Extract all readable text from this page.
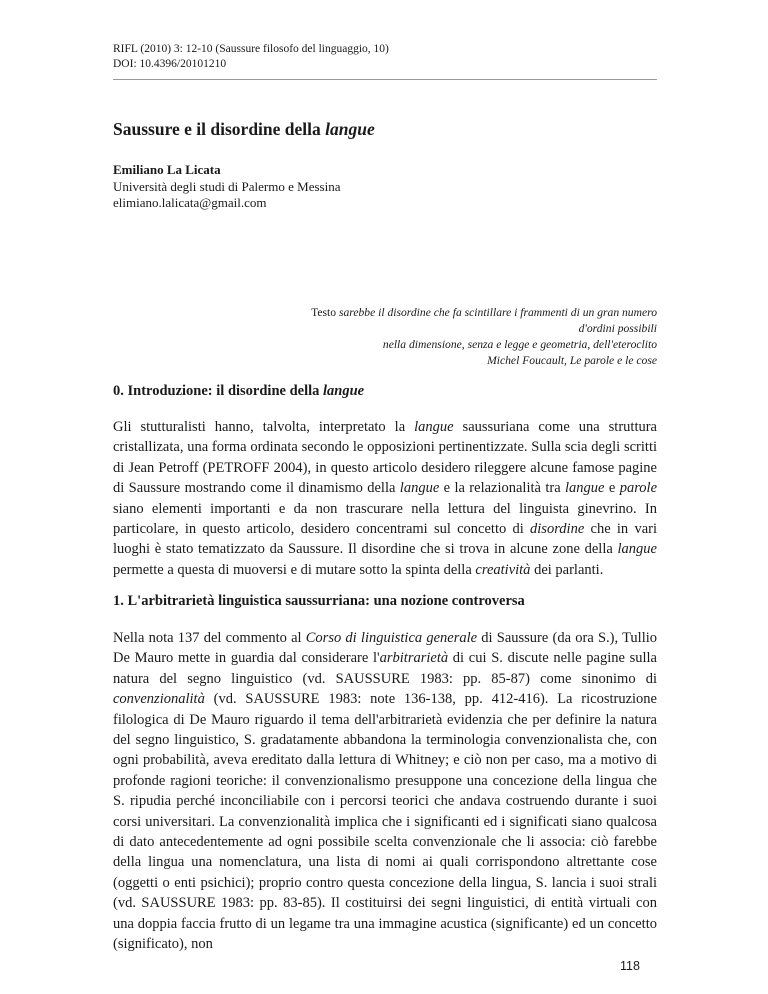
RIFL (2010) 3: 12-10 (Saussure filosofo del linguaggio, 10)
DOI: 10.4396/20101210
Saussure e il disordine della langue
Emiliano La Licata
Università degli studi di Palermo e Messina
elimiano.lalicata@gmail.com
Testo sarebbe il disordine che fa scintillare i frammenti di un gran numero d'ordini possibili
nella dimensione, senza e legge e geometria, dell'eteroclito
Michel Foucault, Le parole e le cose
0. Introduzione: il disordine della langue

Gli stutturalisti hanno, talvolta, interpretato la langue saussuriana come una struttura cristallizata, una forma ordinata secondo le opposizioni pertinentizzate. Sulla scia degli scritti di Jean Petroff (PETROFF 2004), in questo articolo desidero rileggere alcune famose pagine di Saussure mostrando come il dinamismo della langue e la relazionalità tra langue e parole siano elementi importanti e da non trascurare nella lettura del linguista ginevrino. In particolare, in questo articolo, desidero concentrami sul concetto di disordine che in vari luoghi è stato tematizzato da Saussure. Il disordine che si trova in alcune zone della langue permette a questa di muoversi e di mutare sotto la spinta della creatività dei parlanti.

1. L'arbitrarietà linguistica saussurriana: una nozione controversa

Nella nota 137 del commento al Corso di linguistica generale di Saussure (da ora S.), Tullio De Mauro mette in guardia dal considerare l'arbitrarietà di cui S. discute nelle pagine sulla natura del segno linguistico (vd. SAUSSURE 1983: pp. 85-87) come sinonimo di convenzionalità (vd. SAUSSURE 1983: note 136-138, pp. 412-416). La ricostruzione filologica di De Mauro riguardo il tema dell'arbitrarietà evidenzia che per definire la natura del segno linguistico, S. gradatamente abbandona la terminologia convenzionalista che, con ogni probabilità, aveva ereditato dalla lettura di Whitney; e ciò non per caso, ma a motivo di profonde ragioni teoriche: il convenzionalismo presuppone una concezione della lingua che S. ripudia perché inconciliabile con i percorsi teorici che andava costruendo durante i suoi corsi universitari. La convenzionalità implica che i significanti ed i significati siano qualcosa di dato antecedentemente ad ogni possibile scelta convenzionale che li associa: ciò farebbe della lingua una nomenclatura, una lista di nomi ai quali corrispondono altrettante cose (oggetti o enti psichici); proprio contro questa concezione della lingua, S. lancia i suoi strali (vd. SAUSSURE 1983: pp. 83-85). Il costituirsi dei segni linguistici, di entità virtuali con una doppia faccia frutto di un legame tra una immagine acustica (significante) ed un concetto (significato), non

118
